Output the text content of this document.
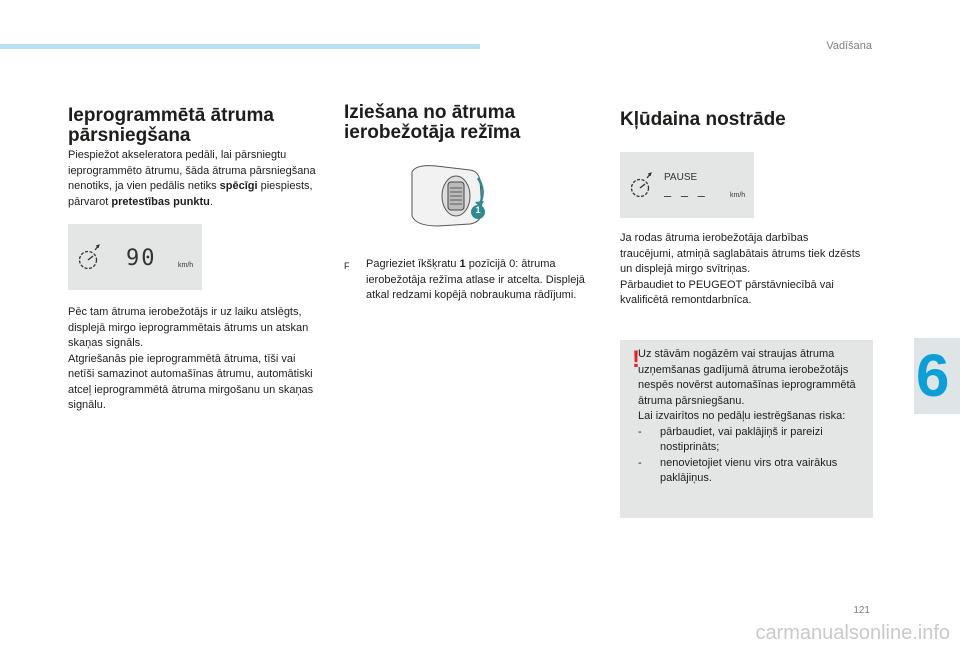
Vadīšana
6
Ieprogrammētā ātruma
pārsniegšana

Piespiežot akseleratora pedāli, lai pārsniegtu ieprogrammēto ātrumu, šāda ātruma pārsniegšana nenotiks, ja vien pedālis netiks spēcīgi piespiests, pārvarot pretestības punktu.

90	km/h

Pēc tam ātruma ierobežotājs ir uz laiku atslēgts, displejā mirgo ieprogrammētais ātrums un atskan skaņas signāls.

Atgriešanās pie ieprogrammētā ātruma, tīši vai netīši samazinot automašīnas ātrumu, automātiski atceļ ieprogrammētā ātruma mirgošanu un skaņas signālu.

Iziešana no ātruma
ierobežotāja režīma
1
F	Pagrieziet īkšķratu 1 pozīcijā 0: ātruma ierobežotāja režīma atlase ir atcelta. Displejā atkal redzami kopējā nobraukuma rādījumi.

Kļūdaina nostrāde
PAUSE
– – –	km/h

Ja rodas ātruma ierobežotāja darbības traucējumi, atmiņā saglabātais ātrums tiek dzēsts un displejā mirgo svītriņas.

Pārbaudiet to PEUGEOT pārstāvniecībā vai kvalificētā remontdarbnīca.

!

Uz stāvām nogāzēm vai straujas ātruma uzņemšanas gadījumā ātruma ierobežotājs nespēs novērst automašīnas ieprogrammētā ātruma pārsniegšanu.

Lai izvairītos no pedāļu iestrēgšanas riska:

-	pārbaudiet, vai paklājiņš ir pareizi nostiprināts;
-	nenovietojiet vienu virs otra vairākus paklājiņus.
121
carmanualsonline.info
